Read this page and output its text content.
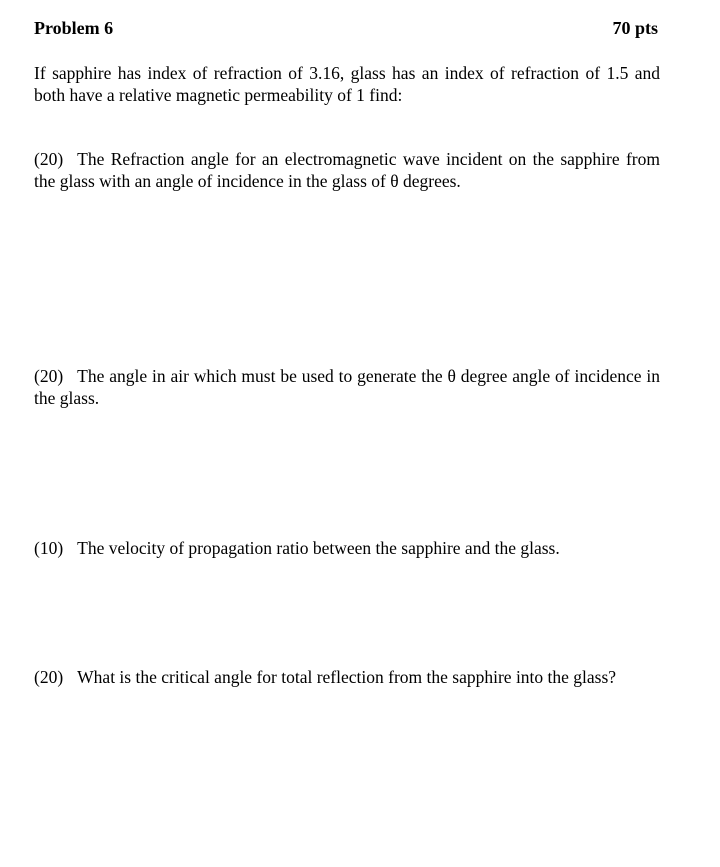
Problem 6	70 pts
If sapphire has index of refraction of 3.16, glass has an index of refraction of 1.5 and both have a relative magnetic permeability of 1 find:
(20) The Refraction angle for an electromagnetic wave incident on the sapphire from the glass with an angle of incidence in the glass of θ degrees.
(20) The angle in air which must be used to generate the θ degree angle of incidence in the glass.
(10) The velocity of propagation ratio between the sapphire and the glass.
(20) What is the critical angle for total reflection from the sapphire into the glass?
